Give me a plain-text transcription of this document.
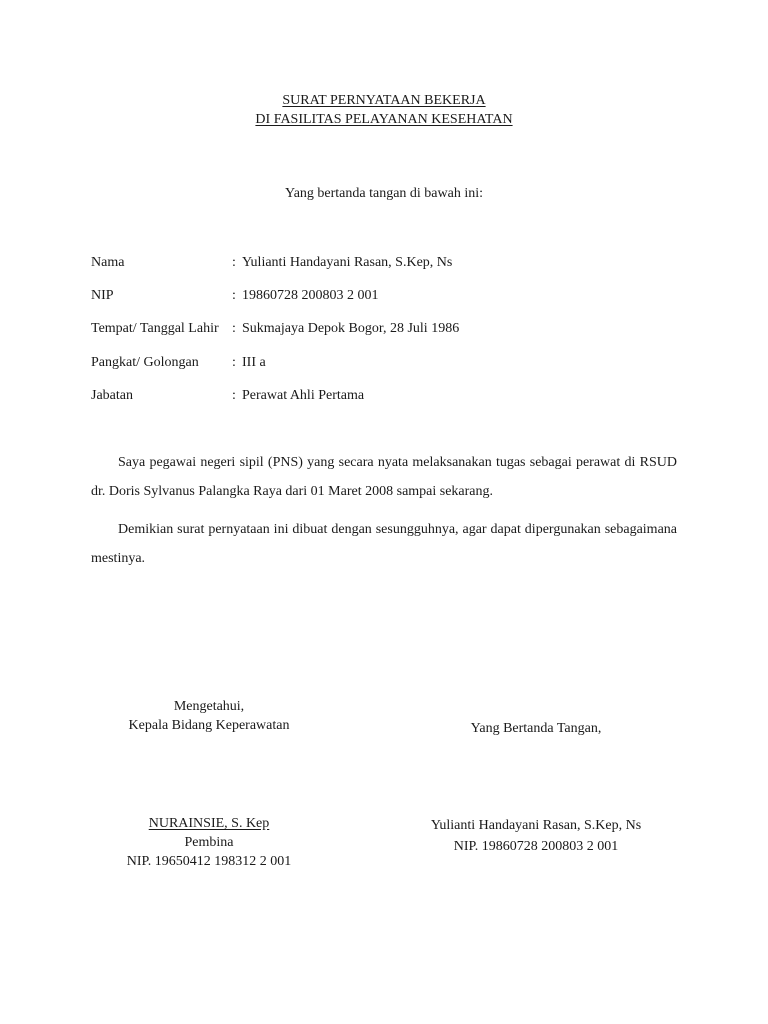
SURAT PERNYATAAN BEKERJA
DI FASILITAS PELAYANAN KESEHATAN
Yang bertanda tangan di bawah ini:
Nama	: Yulianti Handayani Rasan, S.Kep, Ns
NIP	: 19860728 200803 2 001
Tempat/ Tanggal Lahir : Sukmajaya Depok Bogor, 28 Juli 1986
Pangkat/ Golongan : III a
Jabatan	: Perawat Ahli Pertama

Saya pegawai negeri sipil (PNS) yang secara nyata melaksanakan tugas sebagai perawat di RSUD dr. Doris Sylvanus Palangka Raya dari 01 Maret 2008 sampai sekarang.

Demikian surat pernyataan ini dibuat dengan sesungguhnya, agar dapat dipergunakan sebagaimana mestinya.

Mengetahui,
Kepala Bidang Keperawatan	Yang Bertanda Tangan,
NURAINSIE, S. Kep
Pembina
NIP. 19650412 198312 2 001
Yulianti Handayani Rasan, S.Kep, Ns
NIP. 19860728 200803 2 001
